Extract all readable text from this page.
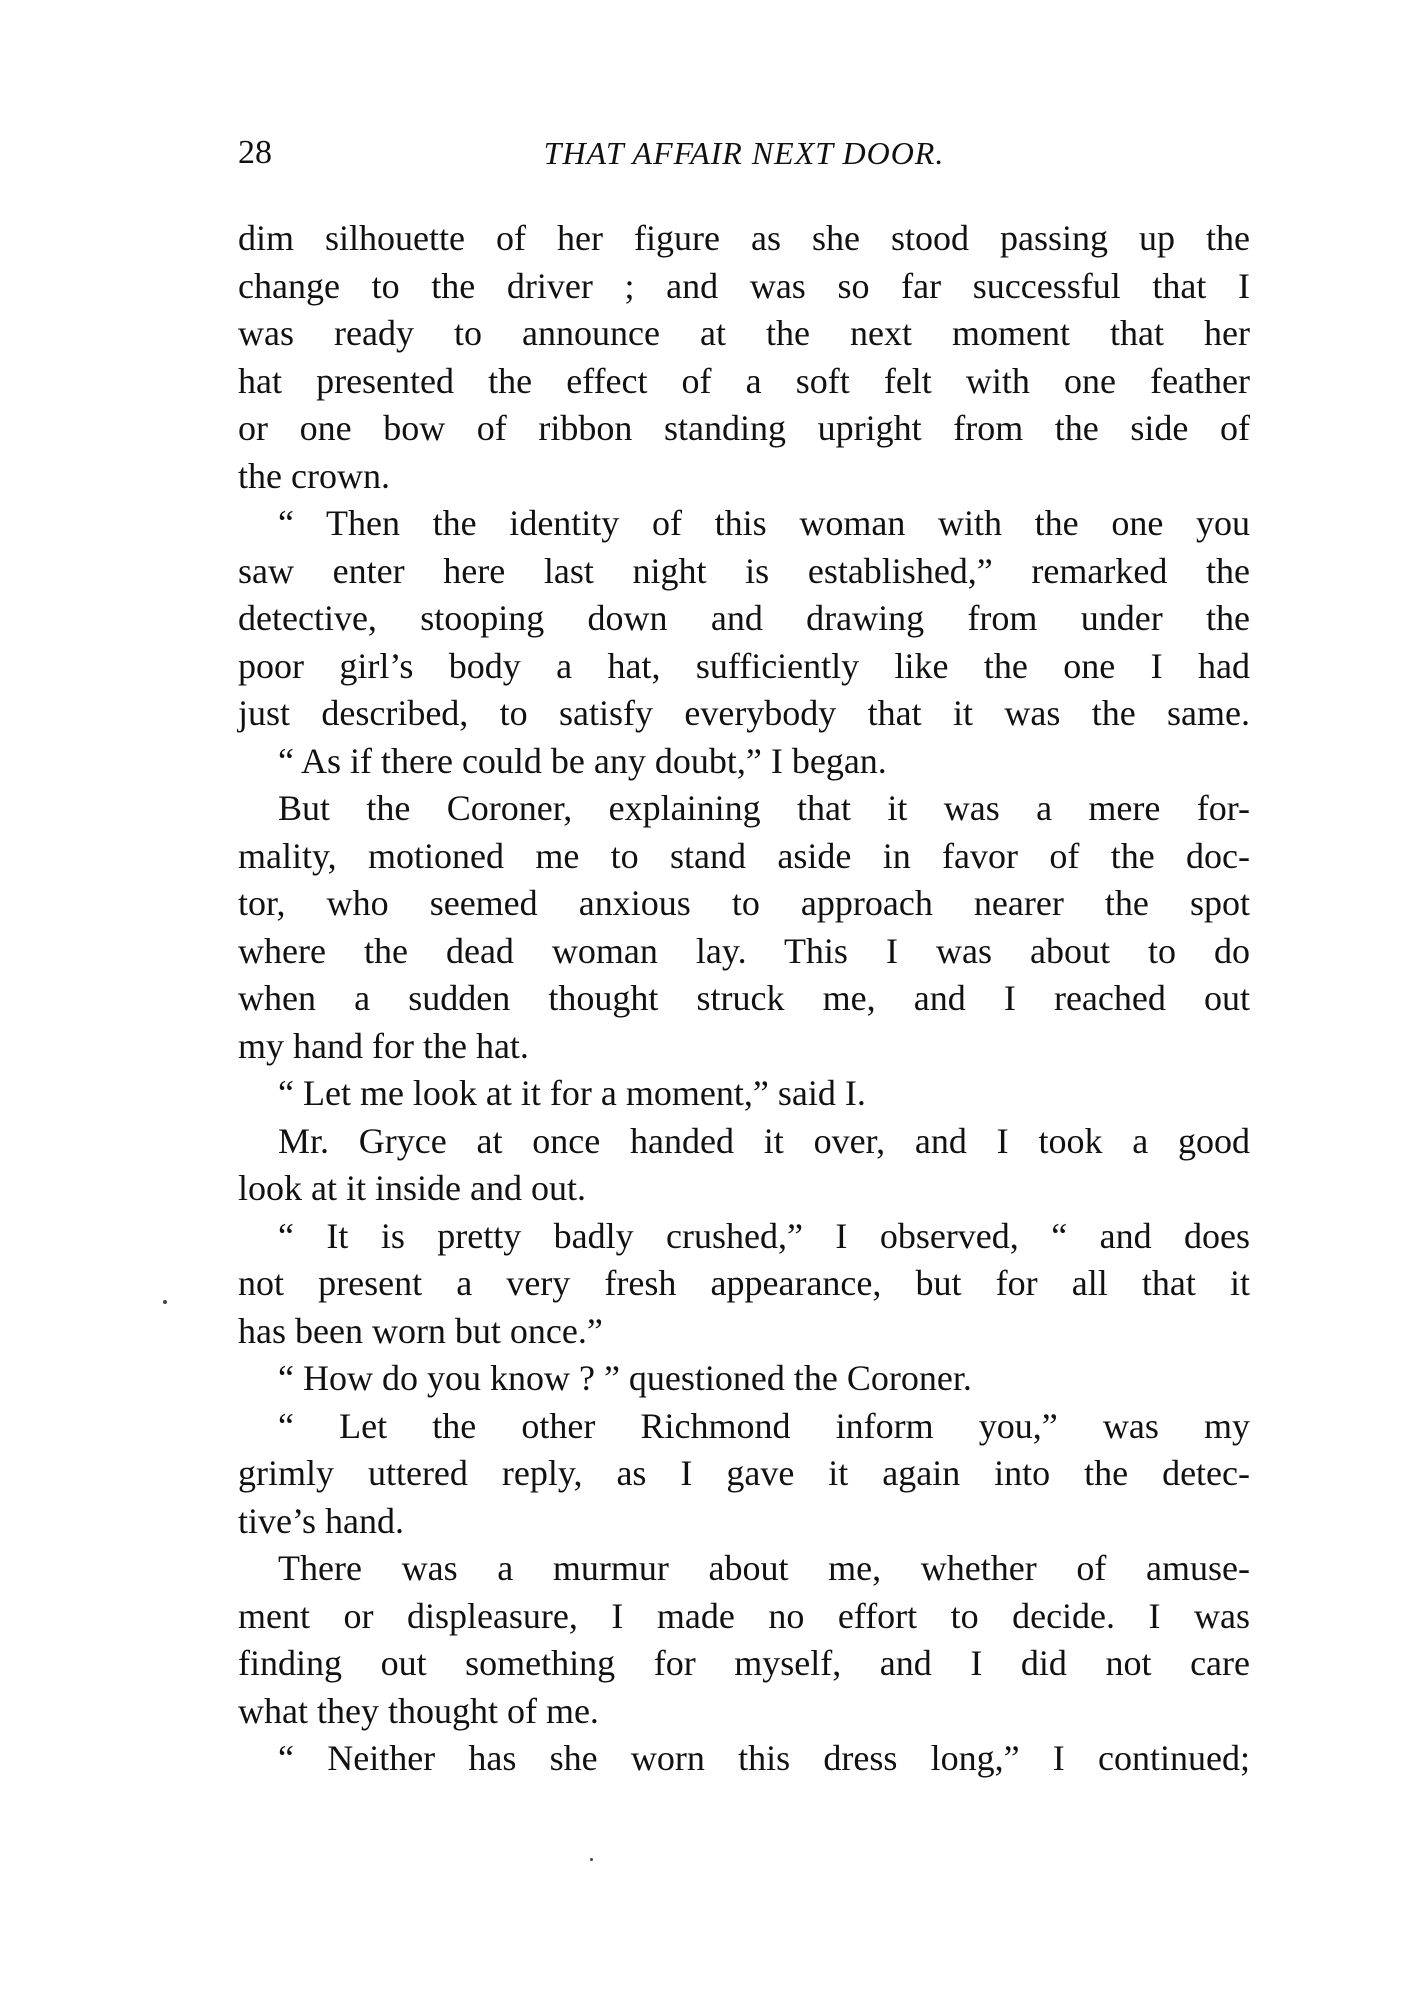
28	THAT AFFAIR NEXT DOOR.
dim silhouette of her figure as she stood passing up the
change to the driver ; and was so far successful that I
was ready to announce at the next moment that her
hat presented the effect of a soft felt with one feather
or one bow of ribbon standing upright from the side of
the crown.
“ Then the identity of this woman with the one you
saw enter here last night is established,” remarked the
detective, stooping down and drawing from under the
poor girl’s body a hat, sufficiently like the one I had
just described, to satisfy everybody that it was the same.
“ As if there could be any doubt,” I began.
But the Coroner, explaining that it was a mere for-
mality, motioned me to stand aside in favor of the doc-
tor, who seemed anxious to approach nearer the spot
where the dead woman lay. This I was about to do
when a sudden thought struck me, and I reached out
my hand for the hat.
“ Let me look at it for a moment,” said I.
Mr. Gryce at once handed it over, and I took a good
look at it inside and out.
“ It is pretty badly crushed,” I observed, “ and does
not present a very fresh appearance, but for all that it
has been worn but once.”
“ How do you know ? ” questioned the Coroner.
“ Let the other Richmond inform you,” was my
grimly uttered reply, as I gave it again into the detec-
tive’s hand.
There was a murmur about me, whether of amuse-
ment or displeasure, I made no effort to decide. I was
finding out something for myself, and I did not care
what they thought of me.
“ Neither has she worn this dress long,” I continued;
